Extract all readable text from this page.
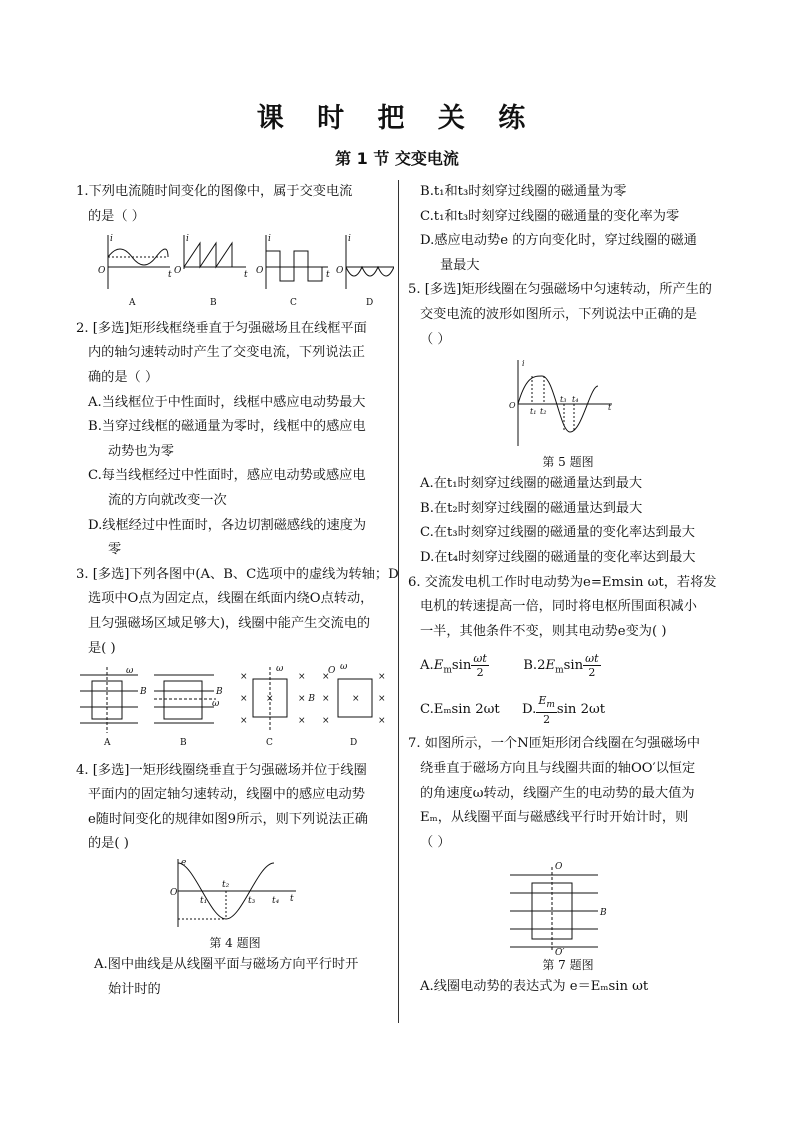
课 时 把 关 练
第 1 节 交变电流
1.下列电流随时间变化的图像中，属于交变电流
的是（ ）
i
O	t
i
O	t
i
O	t
i
O
A	B	C	D
2. [多选]矩形线框绕垂直于匀强磁场且在线框平面
内的轴匀速转动时产生了交变电流，下列说法正
确的是（ ）
A.当线框位于中性面时，线框中感应电动势最大
B.当穿过线框的磁通量为零时，线框中的感应电
动势也为零
C.每当线框经过中性面时，感应电动势或感应电
流的方向就改变一次
D.线框经过中性面时，各边切割磁感线的速度为
零
3. [多选]下列各图中(A、B、C选项中的虚线为转轴；D
选项中O点为固定点，线圈在纸面内绕O点转动，
且匀强磁场区域足够大)，线圈中能产生交流电的
是( )
B
ω
B
ω
×	×
×	× B
×	×
×
ω
×	×
×	×
×	×
×
O ω
A	B	C	D
4. [多选]一矩形线圈绕垂直于匀强磁场并位于线圈
平面内的固定轴匀速转动，线圈中的感应电动势
e随时间变化的规律如图9所示，则下列说法正确
的是( )
e
O
t₁
t₂
t₃ t₄ t
第 4 题图
A.图中曲线是从线圈平面与磁场方向平行时开
始计时的
B.t₁和t₃时刻穿过线圈的磁通量为零
C.t₁和t₃时刻穿过线圈的磁通量的变化率为零
D.感应电动势e 的方向变化时，穿过线圈的磁通
量最大
5. [多选]矩形线圈在匀强磁场中匀速转动，所产生的
交变电流的波形如图所示，下列说法中正确的是
（ ）
i
O
t₁ t₂
t₃ t₄
t
第 5 题图
A.在t₁时刻穿过线圈的磁通量达到最大
B.在t₂时刻穿过线圈的磁通量达到最大
C.在t₃时刻穿过线圈的磁通量的变化率达到最大
D.在t₄时刻穿过线圈的磁通量的变化率达到最大
6. 交流发电机工作时电动势为e=Emsin ωt，若将发
电机的转速提高一倍，同时将电枢所围面积减小
一半，其他条件不变，则其电动势e变为( )
$A.E_m\sin \frac{\omega t}{2}$	$B.2E_m\sin \frac{\omega t}{2}$
C.Eₘsin 2ωt D. $\frac{E_m}{2}$ sin 2ωt
7. 如图所示，一个N匝矩形闭合线圈在匀强磁场中
绕垂直于磁场方向且与线圈共面的轴OO′以恒定
的角速度ω转动，线圈产生的电动势的最大值为
Eₘ，从线圈平面与磁感线平行时开始计时，则
（ ）
O
O′
B
第 7 题图
A.线圈电动势的表达式为 e＝Eₘsin ωt
